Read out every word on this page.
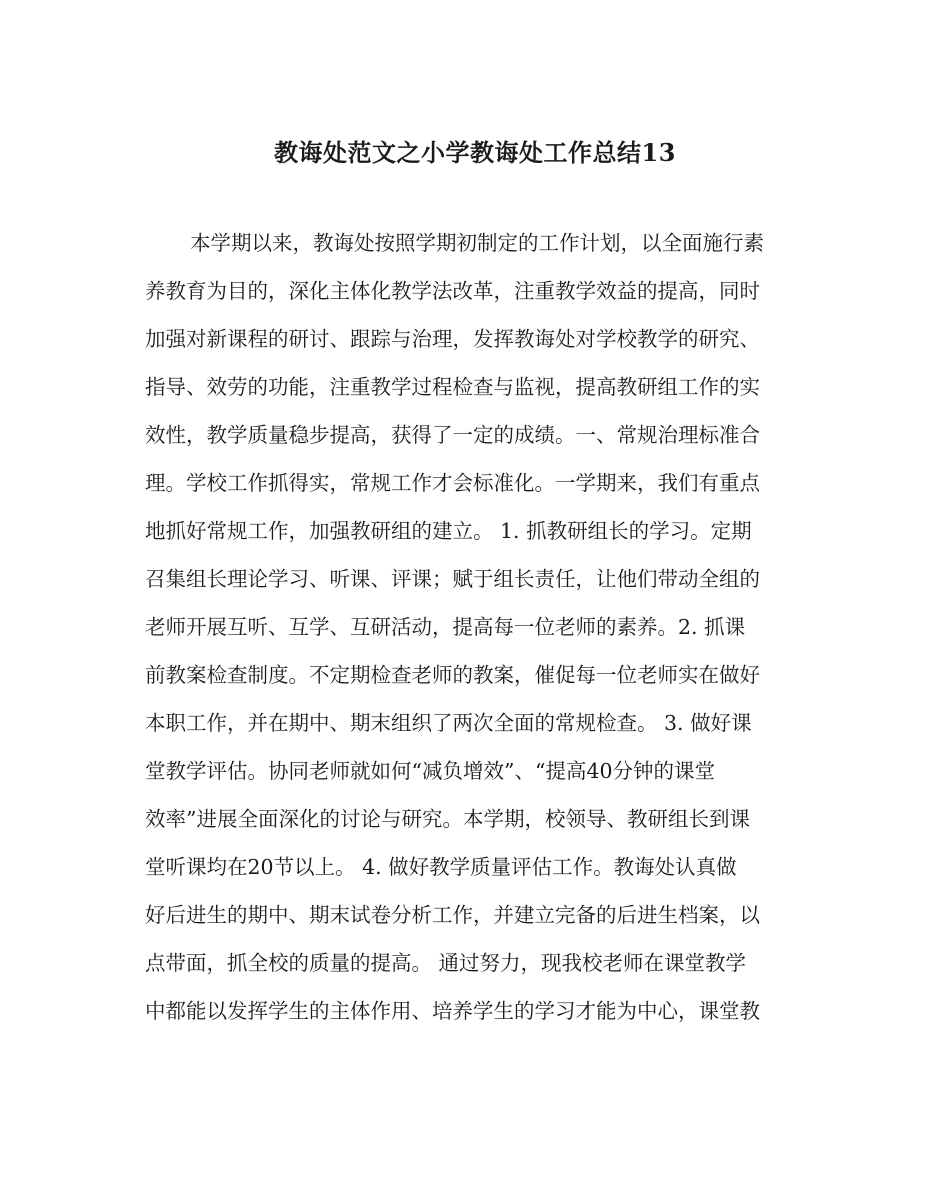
教诲处范文之小学教诲处工作总结13
本学期以来，教诲处按照学期初制定的工作计划，以全面施行素
养教育为目的，深化主体化教学法改革，注重教学效益的提高，同时
加强对新课程的研讨、跟踪与治理，发挥教诲处对学校教学的研究、
指导、效劳的功能，注重教学过程检查与监视，提高教研组工作的实
效性，教学质量稳步提高，获得了一定的成绩。一、常规治理标准合
理。学校工作抓得实，常规工作才会标准化。一学期来，我们有重点
地抓好常规工作，加强教研组的建立。 1. 抓教研组长的学习。定期
召集组长理论学习、听课、评课；赋于组长责任，让他们带动全组的
老师开展互听、互学、互研活动，提高每一位老师的素养。2. 抓课
前教案检查制度。不定期检查老师的教案，催促每一位老师实在做好
本职工作，并在期中、期末组织了两次全面的常规检查。 3. 做好课
堂教学评估。协同老师就如何“减负增效”、“提高40分钟的课堂
效率”进展全面深化的讨论与研究。本学期，校领导、教研组长到课
堂听课均在20节以上。 4. 做好教学质量评估工作。教诲处认真做
好后进生的期中、期末试卷分析工作，并建立完备的后进生档案，以
点带面，抓全校的质量的提高。 通过努力，现我校老师在课堂教学
中都能以发挥学生的主体作用、培养学生的学习才能为中心，课堂教
